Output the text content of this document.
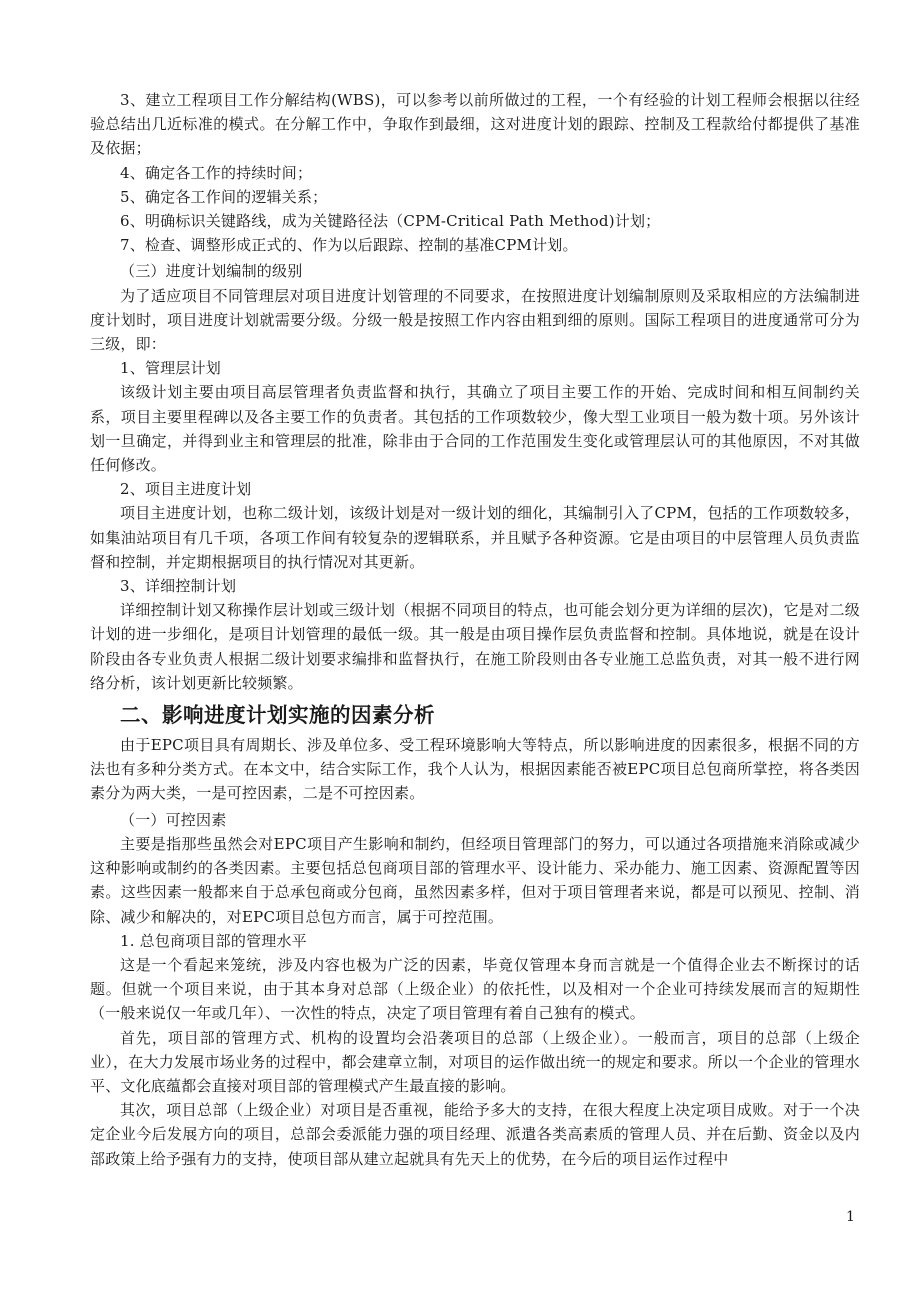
3、建立工程项目工作分解结构(WBS)，可以参考以前所做过的工程，一个有经验的计划工程师会根据以往经验总结出几近标准的模式。在分解工作中，争取作到最细，这对进度计划的跟踪、控制及工程款给付都提供了基准及依据；

4、确定各工作的持续时间；

5、确定各工作间的逻辑关系；

6、明确标识关键路线，成为关键路径法（CPM-Critical Path Method)计划；

7、检查、调整形成正式的、作为以后跟踪、控制的基准CPM计划。

（三）进度计划编制的级别

为了适应项目不同管理层对项目进度计划管理的不同要求，在按照进度计划编制原则及采取相应的方法编制进度计划时，项目进度计划就需要分级。分级一般是按照工作内容由粗到细的原则。国际工程项目的进度通常可分为三级，即：

1、管理层计划

该级计划主要由项目高层管理者负责监督和执行，其确立了项目主要工作的开始、完成时间和相互间制约关系，项目主要里程碑以及各主要工作的负责者。其包括的工作项数较少，像大型工业项目一般为数十项。另外该计划一旦确定，并得到业主和管理层的批准，除非由于合同的工作范围发生变化或管理层认可的其他原因，不对其做任何修改。

2、项目主进度计划

项目主进度计划，也称二级计划，该级计划是对一级计划的细化，其编制引入了CPM，包括的工作项数较多，如集油站项目有几千项，各项工作间有较复杂的逻辑联系，并且赋予各种资源。它是由项目的中层管理人员负责监督和控制，并定期根据项目的执行情况对其更新。

3、详细控制计划

详细控制计划又称操作层计划或三级计划（根据不同项目的特点，也可能会划分更为详细的层次)，它是对二级计划的进一步细化，是项目计划管理的最低一级。其一般是由项目操作层负责监督和控制。具体地说，就是在设计阶段由各专业负责人根据二级计划要求编排和监督执行，在施工阶段则由各专业施工总监负责，对其一般不进行网络分析，该计划更新比较频繁。

二、影响进度计划实施的因素分析

由于EPC项目具有周期长、涉及单位多、受工程环境影响大等特点，所以影响进度的因素很多，根据不同的方法也有多种分类方式。在本文中，结合实际工作，我个人认为，根据因素能否被EPC项目总包商所掌控，将各类因素分为两大类，一是可控因素，二是不可控因素。

（一）可控因素

主要是指那些虽然会对EPC项目产生影响和制约，但经项目管理部门的努力，可以通过各项措施来消除或减少这种影响或制约的各类因素。主要包括总包商项目部的管理水平、设计能力、采办能力、施工因素、资源配置等因素。这些因素一般都来自于总承包商或分包商，虽然因素多样，但对于项目管理者来说，都是可以预见、控制、消除、减少和解决的，对EPC项目总包方而言，属于可控范围。

1. 总包商项目部的管理水平

这是一个看起来笼统，涉及内容也极为广泛的因素，毕竟仅管理本身而言就是一个值得企业去不断探讨的话题。但就一个项目来说，由于其本身对总部（上级企业）的依托性，以及相对一个企业可持续发展而言的短期性（一般来说仅一年或几年）、一次性的特点，决定了项目管理有着自己独有的模式。

首先，项目部的管理方式、机构的设置均会沿袭项目的总部（上级企业）。一般而言，项目的总部（上级企业），在大力发展市场业务的过程中，都会建章立制，对项目的运作做出统一的规定和要求。所以一个企业的管理水平、文化底蕴都会直接对项目部的管理模式产生最直接的影响。

其次，项目总部（上级企业）对项目是否重视，能给予多大的支持，在很大程度上决定项目成败。对于一个决定企业今后发展方向的项目，总部会委派能力强的项目经理、派遣各类高素质的管理人员、并在后勤、资金以及内部政策上给予强有力的支持，使项目部从建立起就具有先天上的优势，在今后的项目运作过程中

1
